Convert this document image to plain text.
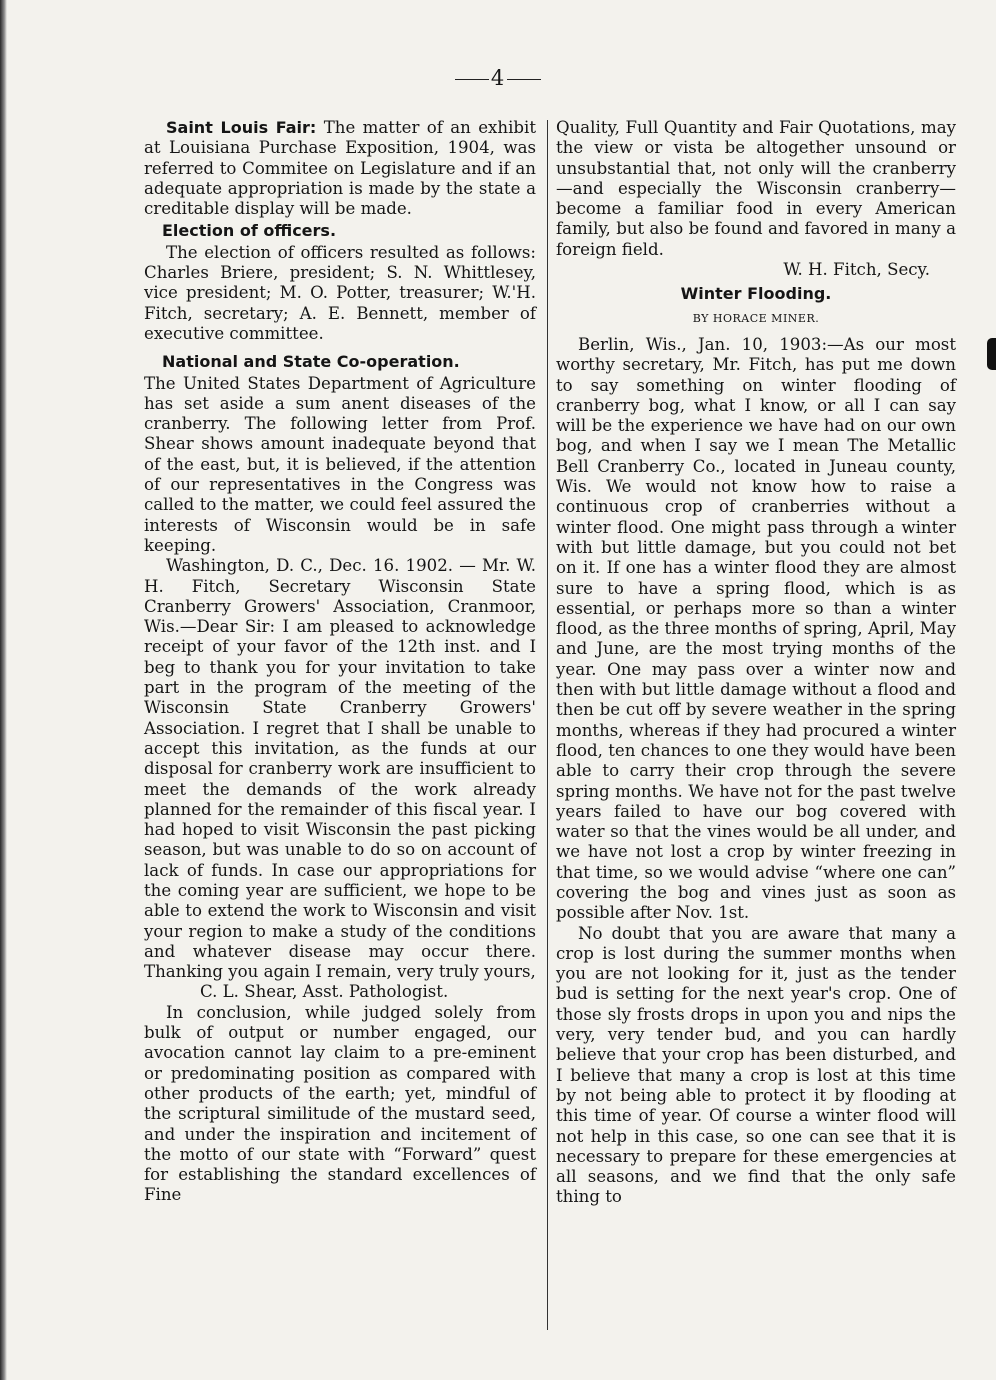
4

Saint Louis Fair: The matter of an exhibit at Louisiana Purchase Exposition, 1904, was referred to Commitee on Legislature and if an adequate appropriation is made by the state a creditable display will be made.

Election of officers.

The election of officers resulted as follows: Charles Briere, president; S. N. Whittlesey, vice president; M. O. Potter, treasurer; W.'H. Fitch, secretary; A. E. Bennett, member of executive committee.

National and State Co-operation.

The United States Department of Agriculture has set aside a sum anent diseases of the cranberry. The following letter from Prof. Shear shows amount inadequate beyond that of the east, but, it is believed, if the attention of our representatives in the Congress was called to the matter, we could feel assured the interests of Wisconsin would be in safe keeping.

Washington, D. C., Dec. 16. 1902. — Mr. W. H. Fitch, Secretary Wisconsin State Cranberry Growers' Association, Cranmoor, Wis.—Dear Sir: I am pleased to acknowledge receipt of your favor of the 12th inst. and I beg to thank you for your invitation to take part in the program of the meeting of the Wisconsin State Cranberry Growers' Association. I regret that I shall be unable to accept this invitation, as the funds at our disposal for cranberry work are insufficient to meet the demands of the work already planned for the remainder of this fiscal year. I had hoped to visit Wisconsin the past picking season, but was unable to do so on account of lack of funds. In case our appropriations for the coming year are sufficient, we hope to be able to extend the work to Wisconsin and visit your region to make a study of the conditions and whatever disease may occur there. Thanking you again I remain, very truly yours,

C. L. Shear, Asst. Pathologist.

In conclusion, while judged solely from bulk of output or number engaged, our avocation cannot lay claim to a pre-eminent or predominating position as compared with other products of the earth; yet, mindful of the scriptural similitude of the mustard seed, and under the inspiration and incitement of the motto of our state with “Forward” quest for establishing the standard excellences of Fine

Quality, Full Quantity and Fair Quotations, may the view or vista be altogether unsound or unsubstantial that, not only will the cranberry—and especially the Wisconsin cranberry—become a familiar food in every American family, but also be found and favored in many a foreign field.

W. H. Fitch, Secy.

Winter Flooding.
BY HORACE MINER.

Berlin, Wis., Jan. 10, 1903:—As our most worthy secretary, Mr. Fitch, has put me down to say something on winter flooding of cranberry bog, what I know, or all I can say will be the experience we have had on our own bog, and when I say we I mean The Metallic Bell Cranberry Co., located in Juneau county, Wis. We would not know how to raise a continuous crop of cranberries without a winter flood. One might pass through a winter with but little damage, but you could not bet on it. If one has a winter flood they are almost sure to have a spring flood, which is as essential, or perhaps more so than a winter flood, as the three months of spring, April, May and June, are the most trying months of the year. One may pass over a winter now and then with but little damage without a flood and then be cut off by severe weather in the spring months, whereas if they had procured a winter flood, ten chances to one they would have been able to carry their crop through the severe spring months. We have not for the past twelve years failed to have our bog covered with water so that the vines would be all under, and we have not lost a crop by winter freezing in that time, so we would advise “where one can” covering the bog and vines just as soon as possible after Nov. 1st.

No doubt that you are aware that many a crop is lost during the summer months when you are not looking for it, just as the tender bud is setting for the next year's crop. One of those sly frosts drops in upon you and nips the very, very tender bud, and you can hardly believe that your crop has been disturbed, and I believe that many a crop is lost at this time by not being able to protect it by flooding at this time of year. Of course a winter flood will not help in this case, so one can see that it is necessary to prepare for these emergencies at all seasons, and we find that the only safe thing to
